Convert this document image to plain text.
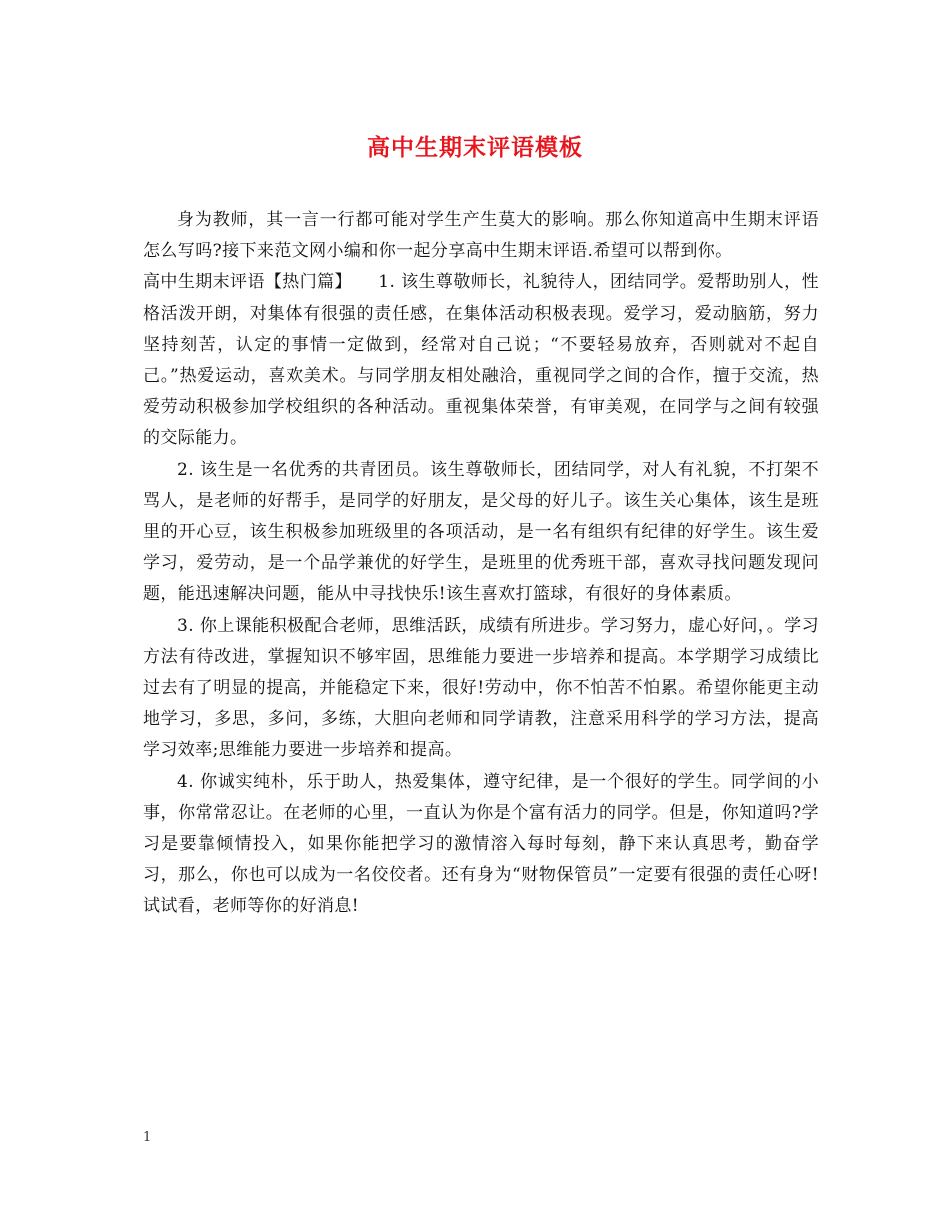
高中生期末评语模板

身为教师，其一言一行都可能对学生产生莫大的影响。那么你知道高中生期末评语怎么写吗?接下来范文网小编和你一起分享高中生期末评语.希望可以帮到你。

高中生期末评语【热门篇】　　1. 该生尊敬师长，礼貌待人，团结同学。爱帮助别人，性格活泼开朗，对集体有很强的责任感，在集体活动积极表现。爱学习，爱动脑筋，努力坚持刻苦，认定的事情一定做到，经常对自己说；“不要轻易放弃，否则就对不起自己。”热爱运动，喜欢美术。与同学朋友相处融洽，重视同学之间的合作，擅于交流，热爱劳动积极参加学校组织的各种活动。重视集体荣誉，有审美观，在同学与之间有较强的交际能力。

2. 该生是一名优秀的共青团员。该生尊敬师长，团结同学，对人有礼貌，不打架不骂人，是老师的好帮手，是同学的好朋友，是父母的好儿子。该生关心集体，该生是班里的开心豆，该生积极参加班级里的各项活动，是一名有组织有纪律的好学生。该生爱学习，爱劳动，是一个品学兼优的好学生，是班里的优秀班干部，喜欢寻找问题发现问题，能迅速解决问题，能从中寻找快乐!该生喜欢打篮球，有很好的身体素质。

3. 你上课能积极配合老师，思维活跃，成绩有所进步。学习努力，虚心好问，。学习方法有待改进，掌握知识不够牢固，思维能力要进一步培养和提高。本学期学习成绩比过去有了明显的提高，并能稳定下来，很好!劳动中，你不怕苦不怕累。希望你能更主动地学习，多思，多问，多练，大胆向老师和同学请教，注意采用科学的学习方法，提高学习效率;思维能力要进一步培养和提高。

4. 你诚实纯朴，乐于助人，热爱集体，遵守纪律，是一个很好的学生。同学间的小事，你常常忍让。在老师的心里，一直认为你是个富有活力的同学。但是，你知道吗?学习是要靠倾情投入，如果你能把学习的激情溶入每时每刻，静下来认真思考，勤奋学习，那么，你也可以成为一名佼佼者。还有身为“财物保管员”一定要有很强的责任心呀!试试看，老师等你的好消息!

1
